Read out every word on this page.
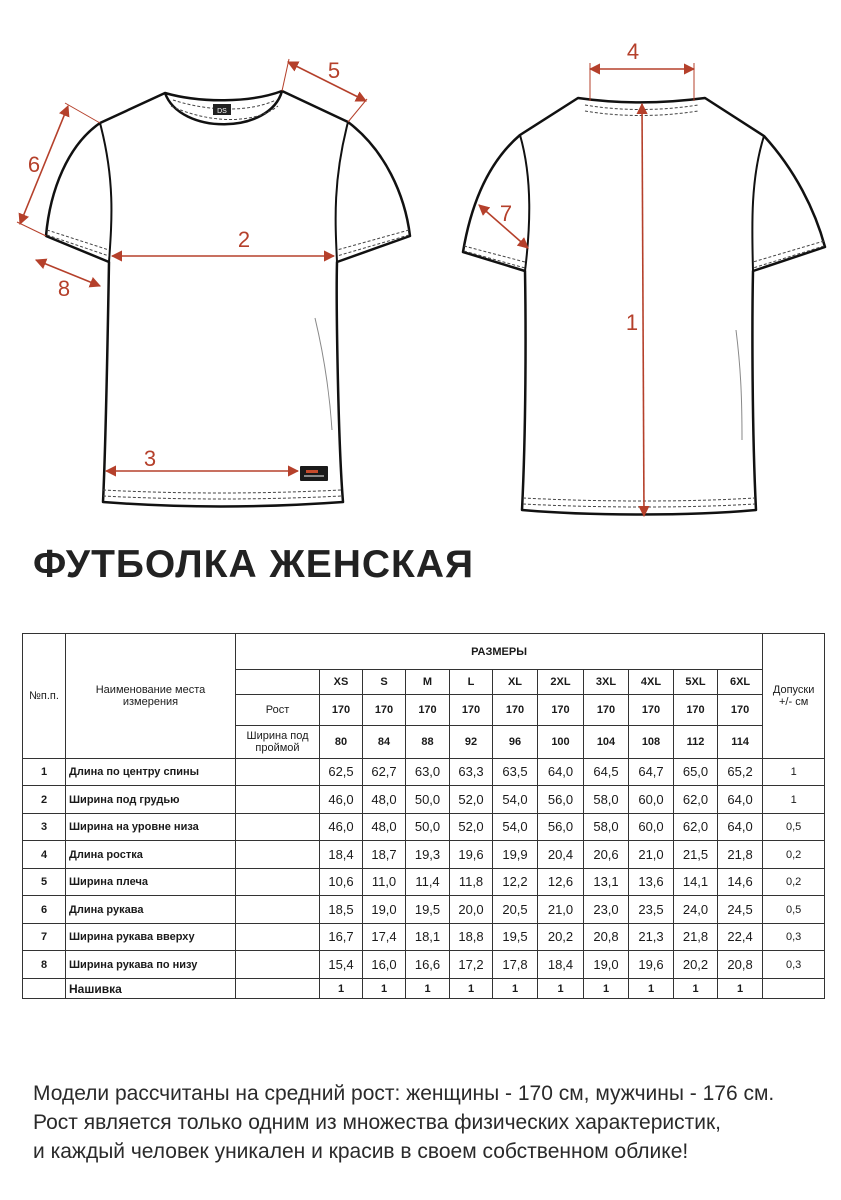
DS
5
4
6
7
2
8
1
3
ФУТБОЛКА ЖЕНСКАЯ
№п.п.	Наименование места измерения	РАЗМЕРЫ											Допуски +/- см
			XS	S	M	L	XL	2XL	3XL	4XL	5XL	6XL	
		Рост	170	170	170	170	170	170	170	170	170	170	
		Ширина под проймой	80	84	88	92	96	100	104	108	112	114	
1	Длина по центру спины		62,5	62,7	63,0	63,3	63,5	64,0	64,5	64,7	65,0	65,2	1
2	Ширина под грудью		46,0	48,0	50,0	52,0	54,0	56,0	58,0	60,0	62,0	64,0	1
3	Ширина на уровне низа		46,0	48,0	50,0	52,0	54,0	56,0	58,0	60,0	62,0	64,0	0,5
4	Длина ростка		18,4	18,7	19,3	19,6	19,9	20,4	20,6	21,0	21,5	21,8	0,2
5	Ширина плеча		10,6	11,0	11,4	11,8	12,2	12,6	13,1	13,6	14,1	14,6	0,2
6	Длина рукава		18,5	19,0	19,5	20,0	20,5	21,0	23,0	23,5	24,0	24,5	0,5
7	Ширина рукава вверху		16,7	17,4	18,1	18,8	19,5	20,2	20,8	21,3	21,8	22,4	0,3
8	Ширина рукава по низу		15,4	16,0	16,6	17,2	17,8	18,4	19,0	19,6	20,2	20,8	0,3
	Нашивка		1	1	1	1	1	1	1	1	1	1	

Модели рассчитаны на средний рост: женщины - 170 см, мужчины - 176 см.

Рост является только одним из множества физических характеристик,

и каждый человек уникален и красив в своем собственном облике!
